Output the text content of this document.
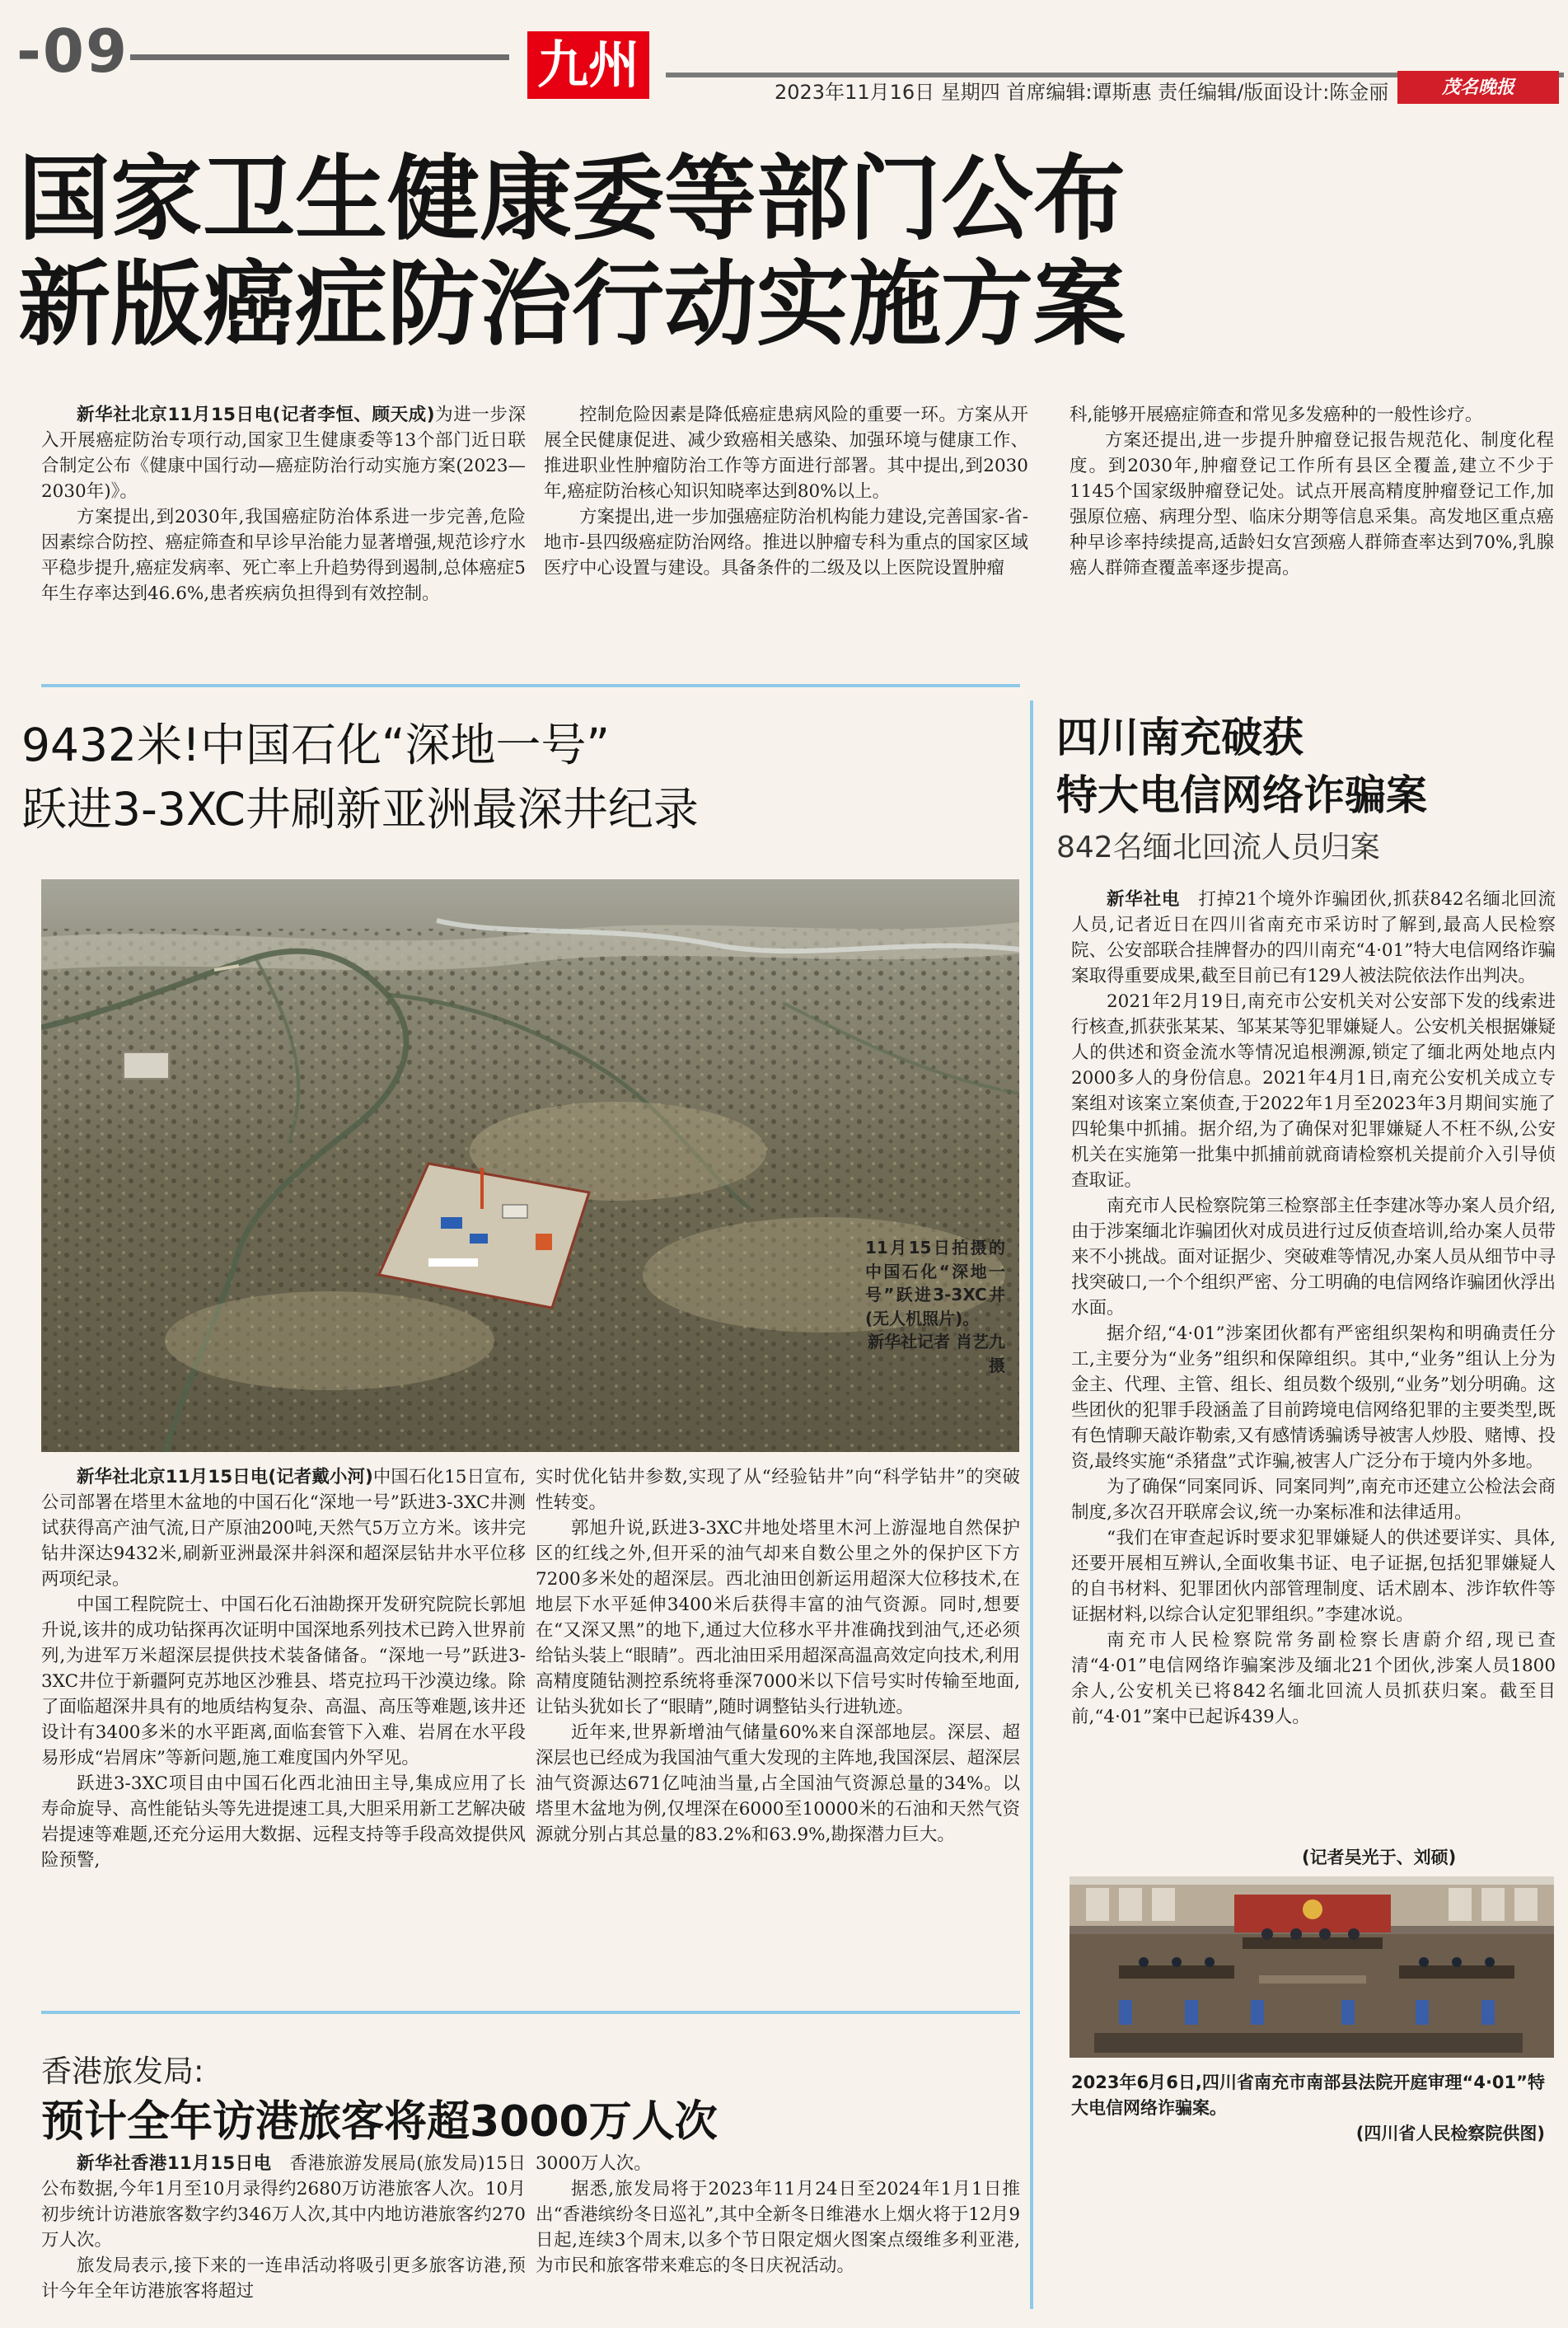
-09	九州	2023年11月16日 星期四 首席编辑:谭斯惠 责任编辑/版面设计:陈金丽	茂名晚报
国家卫生健康委等部门公布
新版癌症防治行动实施方案

新华社北京11月15日电(记者李恒、顾天成)为进一步深入开展癌症防治专项行动,国家卫生健康委等13个部门近日联合制定公布《健康中国行动—癌症防治行动实施方案(2023—2030年)》。

方案提出,到2030年,我国癌症防治体系进一步完善,危险因素综合防控、癌症筛查和早诊早治能力显著增强,规范诊疗水平稳步提升,癌症发病率、死亡率上升趋势得到遏制,总体癌症5年生存率达到46.6%,患者疾病负担得到有效控制。

控制危险因素是降低癌症患病风险的重要一环。方案从开展全民健康促进、减少致癌相关感染、加强环境与健康工作、推进职业性肿瘤防治工作等方面进行部署。其中提出,到2030年,癌症防治核心知识知晓率达到80%以上。

方案提出,进一步加强癌症防治机构能力建设,完善国家-省-地市-县四级癌症防治网络。推进以肿瘤专科为重点的国家区域医疗中心设置与建设。具备条件的二级及以上医院设置肿瘤

科,能够开展癌症筛查和常见多发癌种的一般性诊疗。

方案还提出,进一步提升肿瘤登记报告规范化、制度化程度。到2030年,肿瘤登记工作所有县区全覆盖,建立不少于1145个国家级肿瘤登记处。试点开展高精度肿瘤登记工作,加强原位癌、病理分型、临床分期等信息采集。高发地区重点癌种早诊率持续提高,适龄妇女宫颈癌人群筛查率达到70%,乳腺癌人群筛查覆盖率逐步提高。

9432米!中国石化“深地一号”
跃进3-3XC井刷新亚洲最深井纪录

11月15日拍摄的中国石化“深地一号”跃进3-3XC井(无人机照片)。

新华社记者 肖艺九 摄

新华社北京11月15日电(记者戴小河)中国石化15日宣布,公司部署在塔里木盆地的中国石化“深地一号”跃进3-3XC井测试获得高产油气流,日产原油200吨,天然气5万立方米。该井完钻井深达9432米,刷新亚洲最深井斜深和超深层钻井水平位移两项纪录。

中国工程院院士、中国石化石油勘探开发研究院院长郭旭升说,该井的成功钻探再次证明中国深地系列技术已跨入世界前列,为进军万米超深层提供技术装备储备。“深地一号”跃进3-3XC井位于新疆阿克苏地区沙雅县、塔克拉玛干沙漠边缘。除了面临超深井具有的地质结构复杂、高温、高压等难题,该井还设计有3400多米的水平距离,面临套管下入难、岩屑在水平段易形成“岩屑床”等新问题,施工难度国内外罕见。

跃进3-3XC项目由中国石化西北油田主导,集成应用了长寿命旋导、高性能钻头等先进提速工具,大胆采用新工艺解决破岩提速等难题,还充分运用大数据、远程支持等手段高效提供风险预警,

实时优化钻井参数,实现了从“经验钻井”向“科学钻井”的突破性转变。

郭旭升说,跃进3-3XC井地处塔里木河上游湿地自然保护区的红线之外,但开采的油气却来自数公里之外的保护区下方7200多米处的超深层。西北油田创新运用超深大位移技术,在地层下水平延伸3400米后获得丰富的油气资源。同时,想要在“又深又黑”的地下,通过大位移水平井准确找到油气,还必须给钻头装上“眼睛”。西北油田采用超深高温高效定向技术,利用高精度随钻测控系统将垂深7000米以下信号实时传输至地面,让钻头犹如长了“眼睛”,随时调整钻头行进轨迹。

近年来,世界新增油气储量60%来自深部地层。深层、超深层也已经成为我国油气重大发现的主阵地,我国深层、超深层油气资源达671亿吨油当量,占全国油气资源总量的34%。以塔里木盆地为例,仅埋深在6000至10000米的石油和天然气资源就分别占其总量的83.2%和63.9%,勘探潜力巨大。

四川南充破获
特大电信网络诈骗案
842名缅北回流人员归案

新华社电  打掉21个境外诈骗团伙,抓获842名缅北回流人员,记者近日在四川省南充市采访时了解到,最高人民检察院、公安部联合挂牌督办的四川南充“4·01”特大电信网络诈骗案取得重要成果,截至目前已有129人被法院依法作出判决。

2021年2月19日,南充市公安机关对公安部下发的线索进行核查,抓获张某某、邹某某等犯罪嫌疑人。公安机关根据嫌疑人的供述和资金流水等情况追根溯源,锁定了缅北两处地点内2000多人的身份信息。2021年4月1日,南充公安机关成立专案组对该案立案侦查,于2022年1月至2023年3月期间实施了四轮集中抓捕。据介绍,为了确保对犯罪嫌疑人不枉不纵,公安机关在实施第一批集中抓捕前就商请检察机关提前介入引导侦查取证。

南充市人民检察院第三检察部主任李建冰等办案人员介绍,由于涉案缅北诈骗团伙对成员进行过反侦查培训,给办案人员带来不小挑战。面对证据少、突破难等情况,办案人员从细节中寻找突破口,一个个组织严密、分工明确的电信网络诈骗团伙浮出水面。

据介绍,“4·01”涉案团伙都有严密组织架构和明确责任分工,主要分为“业务”组织和保障组织。其中,“业务”组认上分为金主、代理、主管、组长、组员数个级别,“业务”划分明确。这些团伙的犯罪手段涵盖了目前跨境电信网络犯罪的主要类型,既有色情聊天敲诈勒索,又有感情诱骗诱导被害人炒股、赌博、投资,最终实施“杀猪盘”式诈骗,被害人广泛分布于境内外多地。

为了确保“同案同诉、同案同判”,南充市还建立公检法会商制度,多次召开联席会议,统一办案标准和法律适用。

“我们在审查起诉时要求犯罪嫌疑人的供述要详实、具体,还要开展相互辨认,全面收集书证、电子证据,包括犯罪嫌疑人的自书材料、犯罪团伙内部管理制度、话术剧本、涉诈软件等证据材料,以综合认定犯罪组织。”李建冰说。

南充市人民检察院常务副检察长唐蔚介绍,现已查清“4·01”电信网络诈骗案涉及缅北21个团伙,涉案人员1800余人,公安机关已将842名缅北回流人员抓获归案。截至目前,“4·01”案中已起诉439人。

(记者吴光于、刘硕)

2023年6月6日,四川省南充市南部县法院开庭审理“4·01”特大电信网络诈骗案。

(四川省人民检察院供图)

香港旅发局:
预计全年访港旅客将超3000万人次

新华社香港11月15日电  香港旅游发展局(旅发局)15日公布数据,今年1月至10月录得约2680万访港旅客人次。10月初步统计访港旅客数字约346万人次,其中内地访港旅客约270万人次。

旅发局表示,接下来的一连串活动将吸引更多旅客访港,预计今年全年访港旅客将超过

3000万人次。

据悉,旅发局将于2023年11月24日至2024年1月1日推出“香港缤纷冬日巡礼”,其中全新冬日维港水上烟火将于12月9日起,连续3个周末,以多个节日限定烟火图案点缀维多利亚港,为市民和旅客带来难忘的冬日庆祝活动。
